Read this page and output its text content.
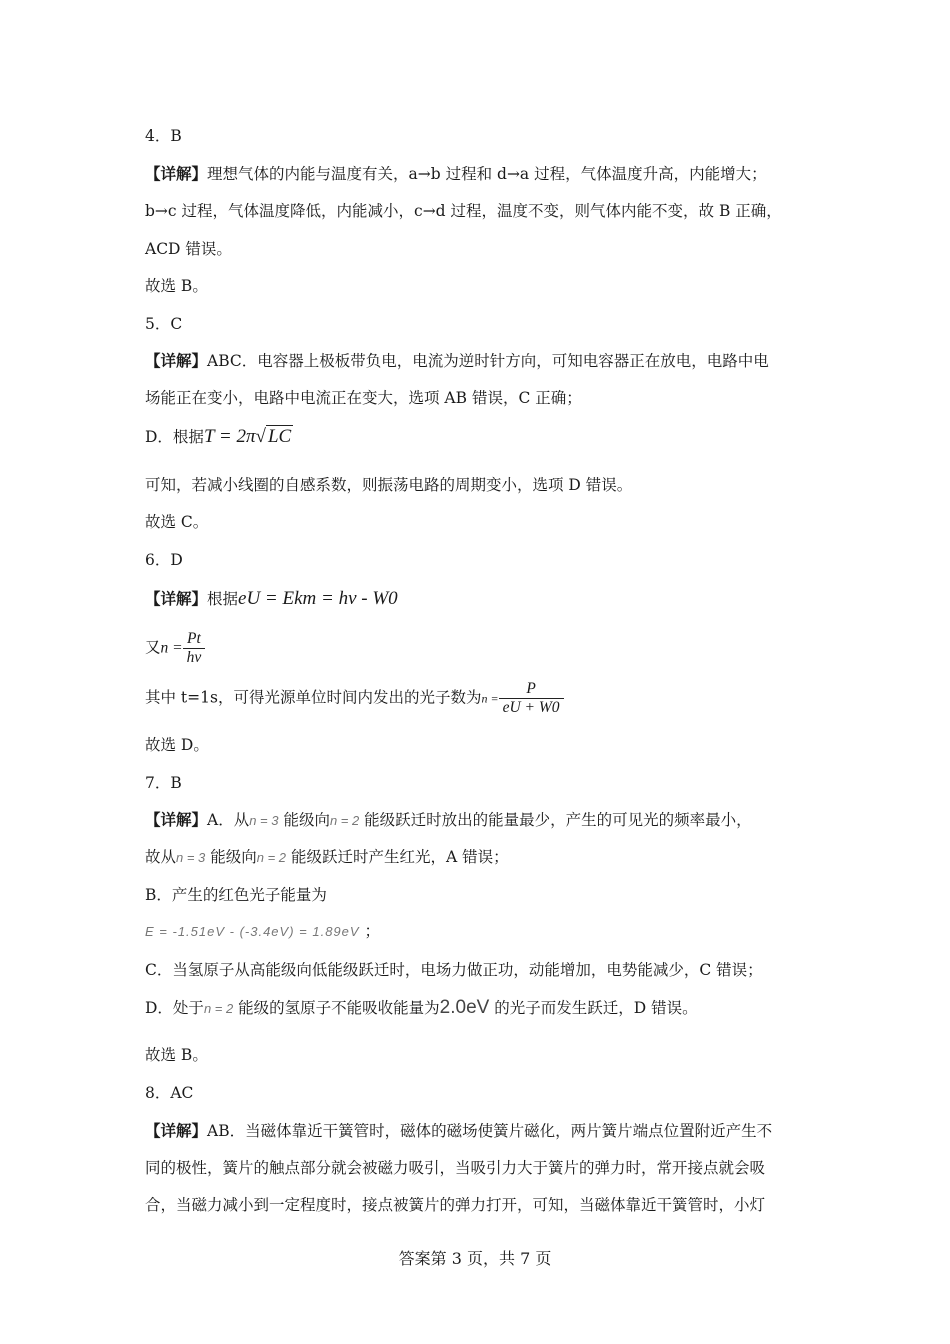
4．B
【详解】理想气体的内能与温度有关，a→b 过程和 d→a 过程，气体温度升高，内能增大；
b→c 过程，气体温度降低，内能减小，c→d 过程，温度不变，则气体内能不变，故 B 正确，
ACD 错误。
故选 B。
5．C
【详解】ABC．电容器上极板带负电，电流为逆时针方向，可知电容器正在放电，电路中电
场能正在变小，电路中电流正在变大，选项 AB 错误，C 正确；
D．根据T = 2π√ LC
可知，若减小线圈的自感系数，则振荡电路的周期变小，选项 D 错误。
故选 C。
6．D
【详解】根据eU = Ekm = hν - W0
又$n = \frac{Pt}{h\nu}$
其中 t=1s，可得光源单位时间内发出的光子数为$n = \frac{P}{eU + W0}$
故选 D。
7．B
【详解】A．从n = 3 能级向n = 2 能级跃迁时放出的能量最少，产生的可见光的频率最小，
故从n = 3 能级向n = 2 能级跃迁时产生红光，A 错误；
B．产生的红色光子能量为
E = -1.51eV - (-3.4eV) = 1.89eV ；
C．当氢原子从高能级向低能级跃迁时，电场力做正功，动能增加，电势能减少，C 错误；
D．处于n = 2 能级的氢原子不能吸收能量为2.0eV 的光子而发生跃迁，D 错误。
故选 B。
8．AC
【详解】AB．当磁体靠近干簧管时，磁体的磁场使簧片磁化，两片簧片端点位置附近产生不
同的极性，簧片的触点部分就会被磁力吸引，当吸引力大于簧片的弹力时，常开接点就会吸
合，当磁力减小到一定程度时，接点被簧片的弹力打开，可知，当磁体靠近干簧管时，小灯
答案第 3 页，共 7 页
